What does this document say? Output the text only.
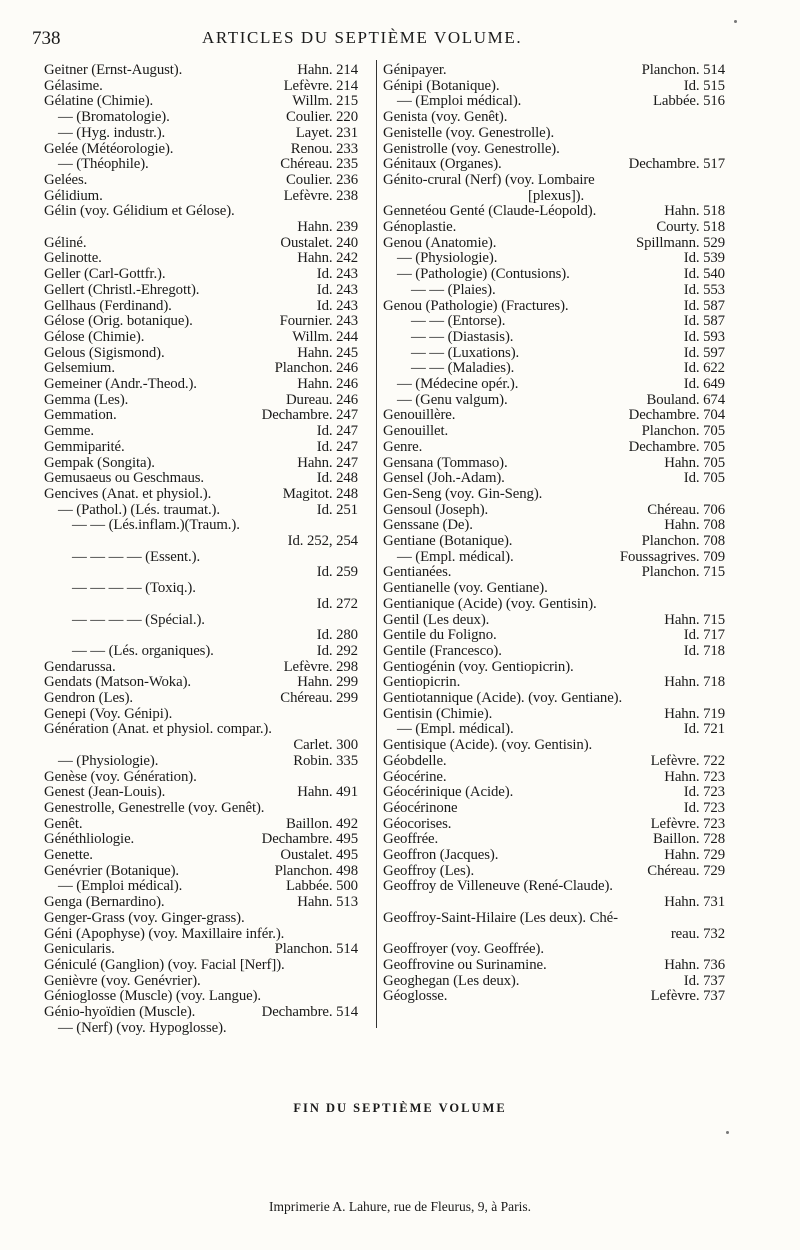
738	ARTICLES DU SEPTIÈME VOLUME.
Geitner (Ernst-August).	Hahn. 214
Gélasime.	Lefèvre. 214
Gélatine (Chimie).	Willm. 215
— (Bromatologie).	Coulier. 220
— (Hyg. industr.).	Layet. 231
Gelée (Météorologie).	Renou. 233
— (Théophile).	Chéreau. 235
Gelées.	Coulier. 236
Gélidium.	Lefèvre. 238
Gélin (voy. Gélidium et Gélose).
Hahn. 239
Géliné.	Oustalet. 240
Gelinotte.	Hahn. 242
Geller (Carl-Gottfr.).	Id. 243
Gellert (Christl.-Ehregott).	Id. 243
Gellhaus (Ferdinand).	Id. 243
Gélose (Orig. botanique).	Fournier. 243
Gélose (Chimie).	Willm. 244
Gelous (Sigismond).	Hahn. 245
Gelsemium.	Planchon. 246
Gemeiner (Andr.-Theod.).	Hahn. 246
Gemma (Les).	Dureau. 246
Gemmation.	Dechambre. 247
Gemme.	Id. 247
Gemmiparité.	Id. 247
Gempak (Songita).	Hahn. 247
Gemusaeus ou Geschmaus.	Id. 248
Gencives (Anat. et physiol.).	Magitot. 248
— (Pathol.) (Lés. traumat.).	Id. 251
— — (Lés.inflam.)(Traum.).
Id. 252, 254
— — — — (Essent.).
Id. 259
— — — — (Toxiq.).
Id. 272
— — — — (Spécial.).
Id. 280
— — (Lés. organiques).	Id. 292
Gendarussa.	Lefèvre. 298
Gendats (Matson-Woka).	Hahn. 299
Gendron (Les).	Chéreau. 299
Genepi (Voy. Génipi).
Génération (Anat. et physiol. compar.).
Carlet. 300
— (Physiologie).	Robin. 335
Genèse (voy. Génération).
Genest (Jean-Louis).	Hahn. 491
Genestrolle, Genestrelle (voy. Genêt).
Genêt.	Baillon. 492
Généthliologie.	Dechambre. 495
Genette.	Oustalet. 495
Genévrier (Botanique).	Planchon. 498
— (Emploi médical).	Labbée. 500
Genga (Bernardino).	Hahn. 513
Genger-Grass (voy. Ginger-grass).
Géni (Apophyse) (voy. Maxillaire infér.).
Genicularis.	Planchon. 514
Géniculé (Ganglion) (voy. Facial [Nerf]).
Genièvre (voy. Genévrier).
Génioglosse (Muscle) (voy. Langue).
Génio-hyoïdien (Muscle).	Dechambre. 514
— (Nerf) (voy. Hypoglosse).
Génipayer.	Planchon. 514
Génipi (Botanique).	Id. 515
— (Emploi médical).	Labbée. 516
Genista (voy. Genêt).
Genistelle (voy. Genestrolle).
Genistrolle (voy. Genestrolle).
Génitaux (Organes).	Dechambre. 517
Génito-crural (Nerf) (voy. Lombaire
[plexus]).
Gennetéou Genté (Claude-Léopold).	Hahn. 518
Génoplastie.	Courty. 518
Genou (Anatomie).	Spillmann. 529
— (Physiologie).	Id. 539
— (Pathologie) (Contusions).	Id. 540
— — (Plaies).	Id. 553
Genou (Pathologie) (Fractures).	Id. 587
— — (Entorse).	Id. 587
— — (Diastasis).	Id. 593
— — (Luxations).	Id. 597
— — (Maladies).	Id. 622
— (Médecine opér.).	Id. 649
— (Genu valgum).	Bouland. 674
Genouillère.	Dechambre. 704
Genouillet.	Planchon. 705
Genre.	Dechambre. 705
Gensana (Tommaso).	Hahn. 705
Gensel (Joh.-Adam).	Id. 705
Gen-Seng (voy. Gin-Seng).
Gensoul (Joseph).	Chéreau. 706
Genssane (De).	Hahn. 708
Gentiane (Botanique).	Planchon. 708
— (Empl. médical).	Foussagrives. 709
Gentianées.	Planchon. 715
Gentianelle (voy. Gentiane).
Gentianique (Acide) (voy. Gentisin).
Gentil (Les deux).	Hahn. 715
Gentile du Foligno.	Id. 717
Gentile (Francesco).	Id. 718
Gentiogénin (voy. Gentiopicrin).
Gentiopicrin.	Hahn. 718
Gentiotannique (Acide). (voy. Gentiane).
Gentisin (Chimie).	Hahn. 719
— (Empl. médical).	Id. 721
Gentisique (Acide). (voy. Gentisin).
Géobdelle.	Lefèvre. 722
Géocérine.	Hahn. 723
Géocérinique (Acide).	Id. 723
Géocérinone	Id. 723
Géocorises.	Lefèvre. 723
Geoffrée.	Baillon. 728
Geoffron (Jacques).	Hahn. 729
Geoffroy (Les).	Chéreau. 729
Geoffroy de Villeneuve (René-Claude).
Hahn. 731
Geoffroy-Saint-Hilaire (Les deux). Ché-
reau. 732
Geoffroyer (voy. Geoffrée).
Geoffrovine ou Surinamine.	Hahn. 736
Geoghegan (Les deux).	Id. 737
Géoglosse.	Lefèvre. 737
FIN DU SEPTIÈME VOLUME
Imprimerie A. Lahure, rue de Fleurus, 9, à Paris.
